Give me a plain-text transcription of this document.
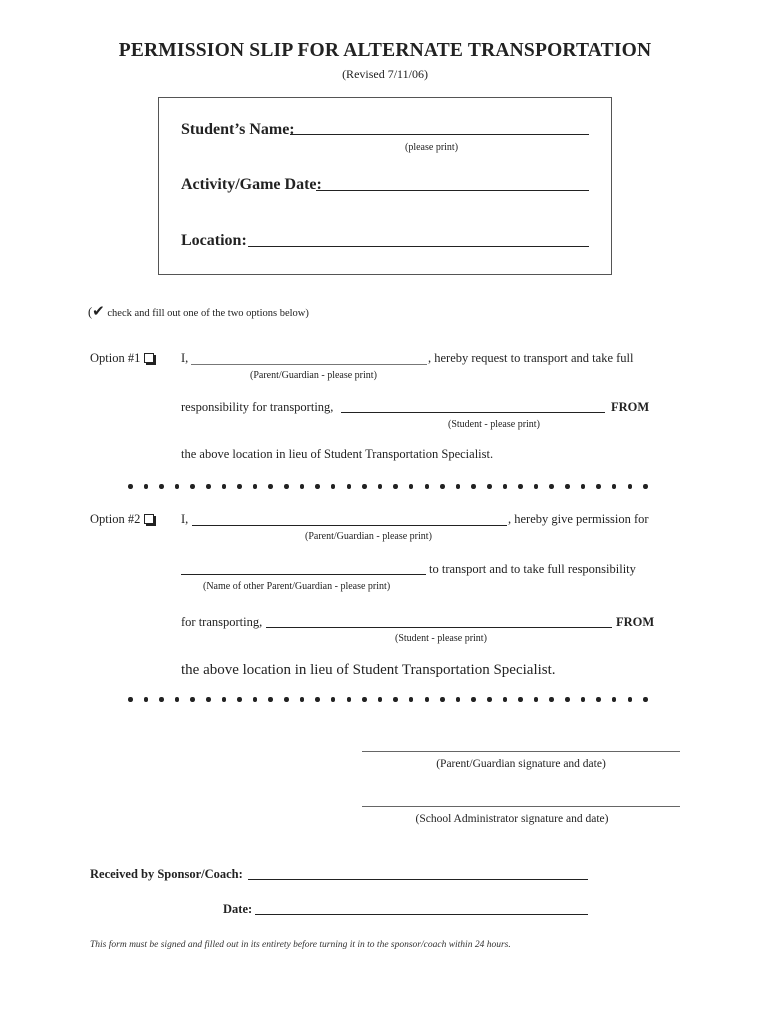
PERMISSION SLIP FOR ALTERNATE TRANSPORTATION
(Revised 7/11/06)
Student’s Name:
(please print)
Activity/Game Date:
Location:
(✔ check and fill out one of the two options below)
Option #1	I,	, hereby request to transport and take full
(Parent/Guardian - please print)
responsibility for transporting,	FROM
(Student - please print)
the above location in lieu of Student Transportation Specialist.
Option #2	I,	, hereby give permission for
(Parent/Guardian - please print)
to transport and to take full responsibility
(Name of other Parent/Guardian - please print)
for transporting,	FROM
(Student - please print)
the above location in lieu of Student Transportation Specialist.
(Parent/Guardian signature and date)
(School Administrator signature and date)
Received by Sponsor/Coach:
Date:
This form must be signed and filled out in its entirety before turning it in to the sponsor/coach within 24 hours.
